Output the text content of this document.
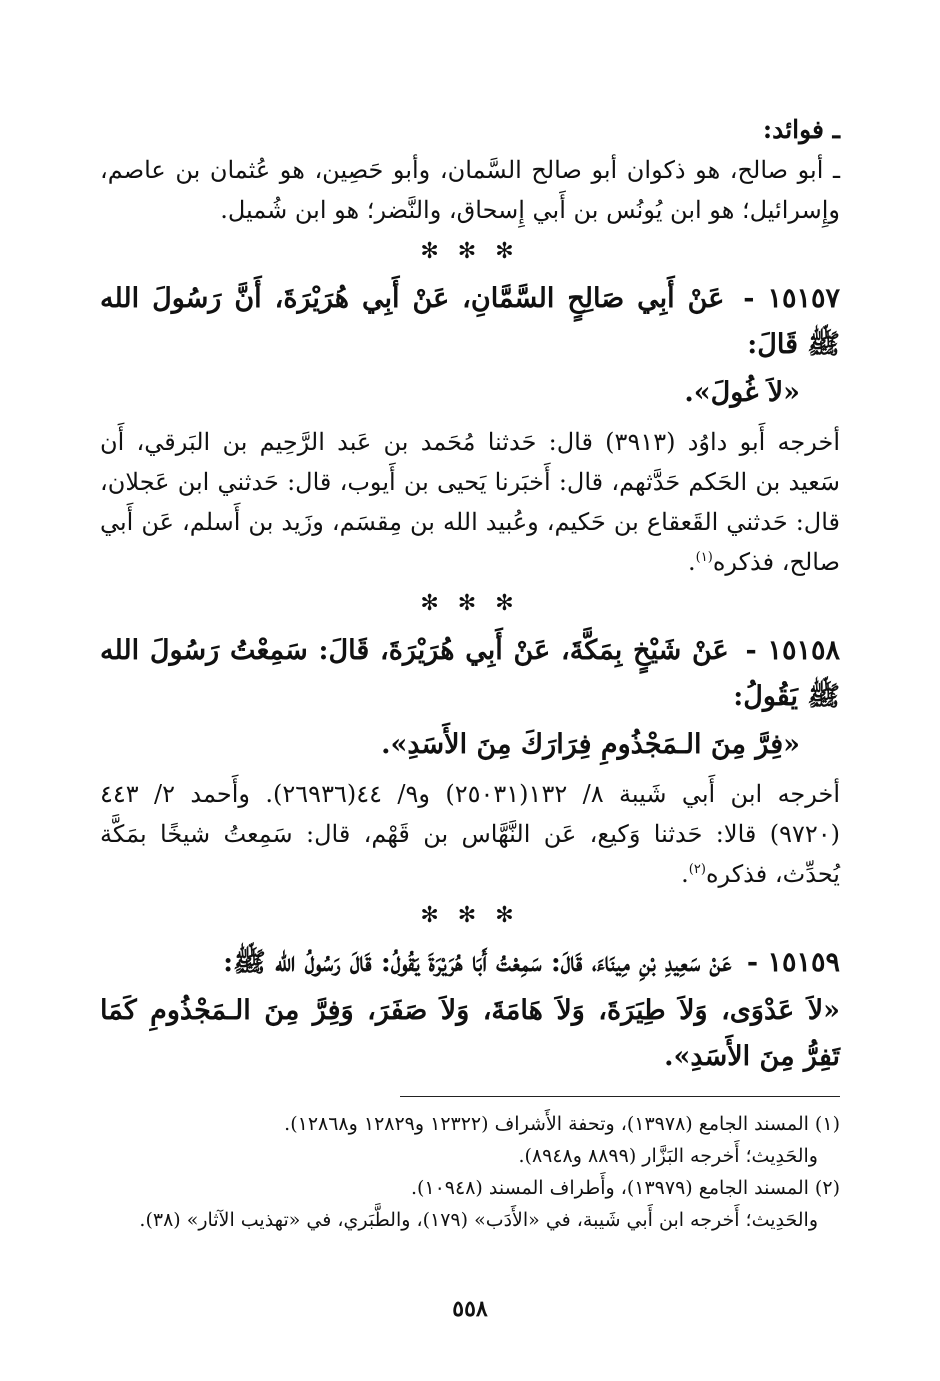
ـ فوائد:

ـ أبو صالح، هو ذكوان أبو صالح السَّمان، وأبو حَصِين، هو عُثمان بن عاصم، وإِسرائيل؛ هو ابن يُونُس بن أَبي إِسحاق، والنَّضر؛ هو ابن شُميل.

✻ ✻ ✻

١٥١٥٧ - عَنْ أَبِي صَالِحٍ السَّمَّانِ، عَنْ أَبِي هُرَيْرَةَ، أَنَّ رَسُولَ الله ﷺ قَالَ:

«لاَ غُولَ».

أخرجه أَبو داوُد (٣٩١٣) قال: حَدثنا مُحَمد بن عَبد الرَّحِيم بن البَرقي، أَن سَعيد بن الحَكم حَدَّثهم، قال: أَخبَرنا يَحيى بن أَيوب، قال: حَدثني ابن عَجلان، قال: حَدثني القَعقاع بن حَكيم، وعُبيد الله بن مِقسَم، وزَيد بن أَسلم، عَن أَبي صالح، فذكره$^{(١)}$.

✻ ✻ ✻

١٥١٥٨ - عَنْ شَيْخٍ بِمَكَّةَ، عَنْ أَبِي هُرَيْرَةَ، قَالَ: سَمِعْتُ رَسُولَ الله ﷺ يَقُولُ:

«فِرَّ مِنَ الـمَجْذُومِ فِرَارَكَ مِنَ الأَسَدِ».

أخرجه ابن أَبي شَيبة ٨/ ١٣٢(٢٥٠٣١) و٩/ ٤٤(٢٦٩٣٦). وأَحمد ٢/ ٤٤٣ (٩٧٢٠) قالا: حَدثنا وَكيع، عَن النَّهَّاس بن قَهْم، قال: سَمِعتُ شيخًا بمَكَّة يُحدِّث، فذكره$^{(٢)}$.

✻ ✻ ✻

١٥١٥٩ - عَنْ سَعِيدِ بْنِ مِينَاءَ، قَالَ: سَمِعْتُ أَبَا هُرَيْرَةَ يَقُولُ: قَالَ رَسُولُ الله ﷺ:

«لاَ عَدْوَى، وَلاَ طِيَرَةَ، وَلاَ هَامَةَ، وَلاَ صَفَرَ، وَفِرَّ مِنَ الـمَجْذُومِ كَمَا تَفِرُّ مِنَ الأَسَدِ».

(١) المسند الجامع (١٣٩٧٨)، وتحفة الأَشراف (١٢٣٢٢ و١٢٨٢٩ و١٢٨٦٨).

والحَدِيث؛ أَخرجه البَزَّار (٨٨٩٩ و٨٩٤٨).

(٢) المسند الجامع (١٣٩٧٩)، وأَطراف المسند (١٠٩٤٨).

والحَدِيث؛ أَخرجه ابن أَبي شَيبة، في «الأَدَب» (١٧٩)، والطَّبَري، في «تهذيب الآثار» (٣٨).

٥٥٨
